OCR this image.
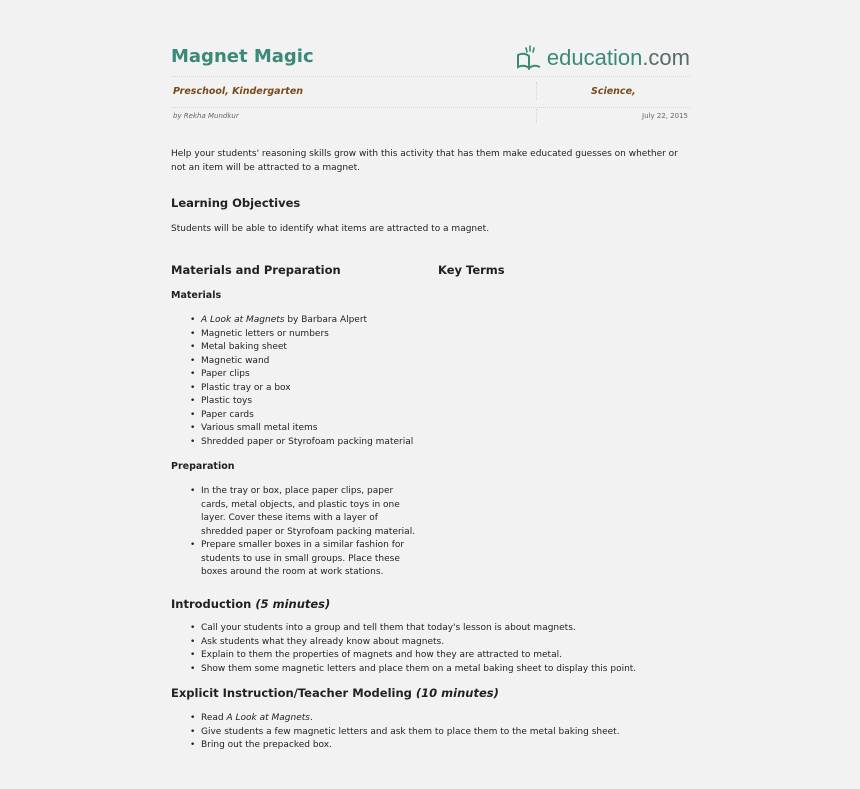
Magnet Magic	education .com
Preschool, Kindergarten	Science,
by Rekha Mundkur	July 22, 2015
Help your students' reasoning skills grow with this activity that has them make educated guesses on whether or not an item will be attracted to a magnet.
Learning Objectives
Students will be able to identify what items are attracted to a magnet.
Materials and Preparation	Key Terms
Materials
• A Look at Magnets by Barbara Alpert
• Magnetic letters or numbers
• Metal baking sheet
• Magnetic wand
• Paper clips
• Plastic tray or a box
• Plastic toys
• Paper cards
• Various small metal items
• Shredded paper or Styrofoam packing material
Preparation
• In the tray or box, place paper clips, paper cards, metal objects, and plastic toys in one layer. Cover these items with a layer of shredded paper or Styrofoam packing material.
• Prepare smaller boxes in a similar fashion for students to use in small groups. Place these boxes around the room at work stations.
Introduction (5 minutes)
• Call your students into a group and tell them that today's lesson is about magnets.
• Ask students what they already know about magnets.
• Explain to them the properties of magnets and how they are attracted to metal.
• Show them some magnetic letters and place them on a metal baking sheet to display this point.
Explicit Instruction/Teacher Modeling (10 minutes)
• Read A Look at Magnets.
• Give students a few magnetic letters and ask them to place them to the metal baking sheet.
• Bring out the prepacked box.
